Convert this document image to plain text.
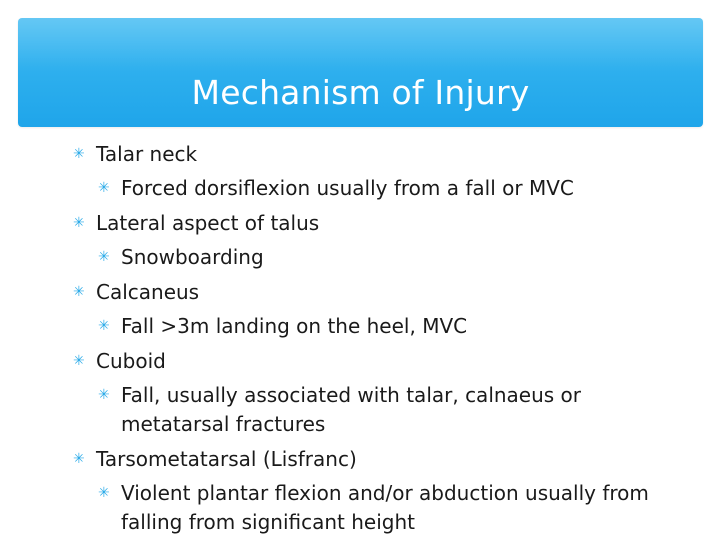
Mechanism of Injury
✳ Talar neck
✳ Forced dorsiflexion usually from a fall or MVC
✳ Lateral aspect of talus
✳ Snowboarding
✳ Calcaneus
✳ Fall >3m landing on the heel, MVC
✳ Cuboid
✳ Fall, usually associated with talar, calnaeus or metatarsal fractures
✳ Tarsometatarsal (Lisfranc)
✳ Violent plantar flexion and/or abduction usually from falling from significant height
